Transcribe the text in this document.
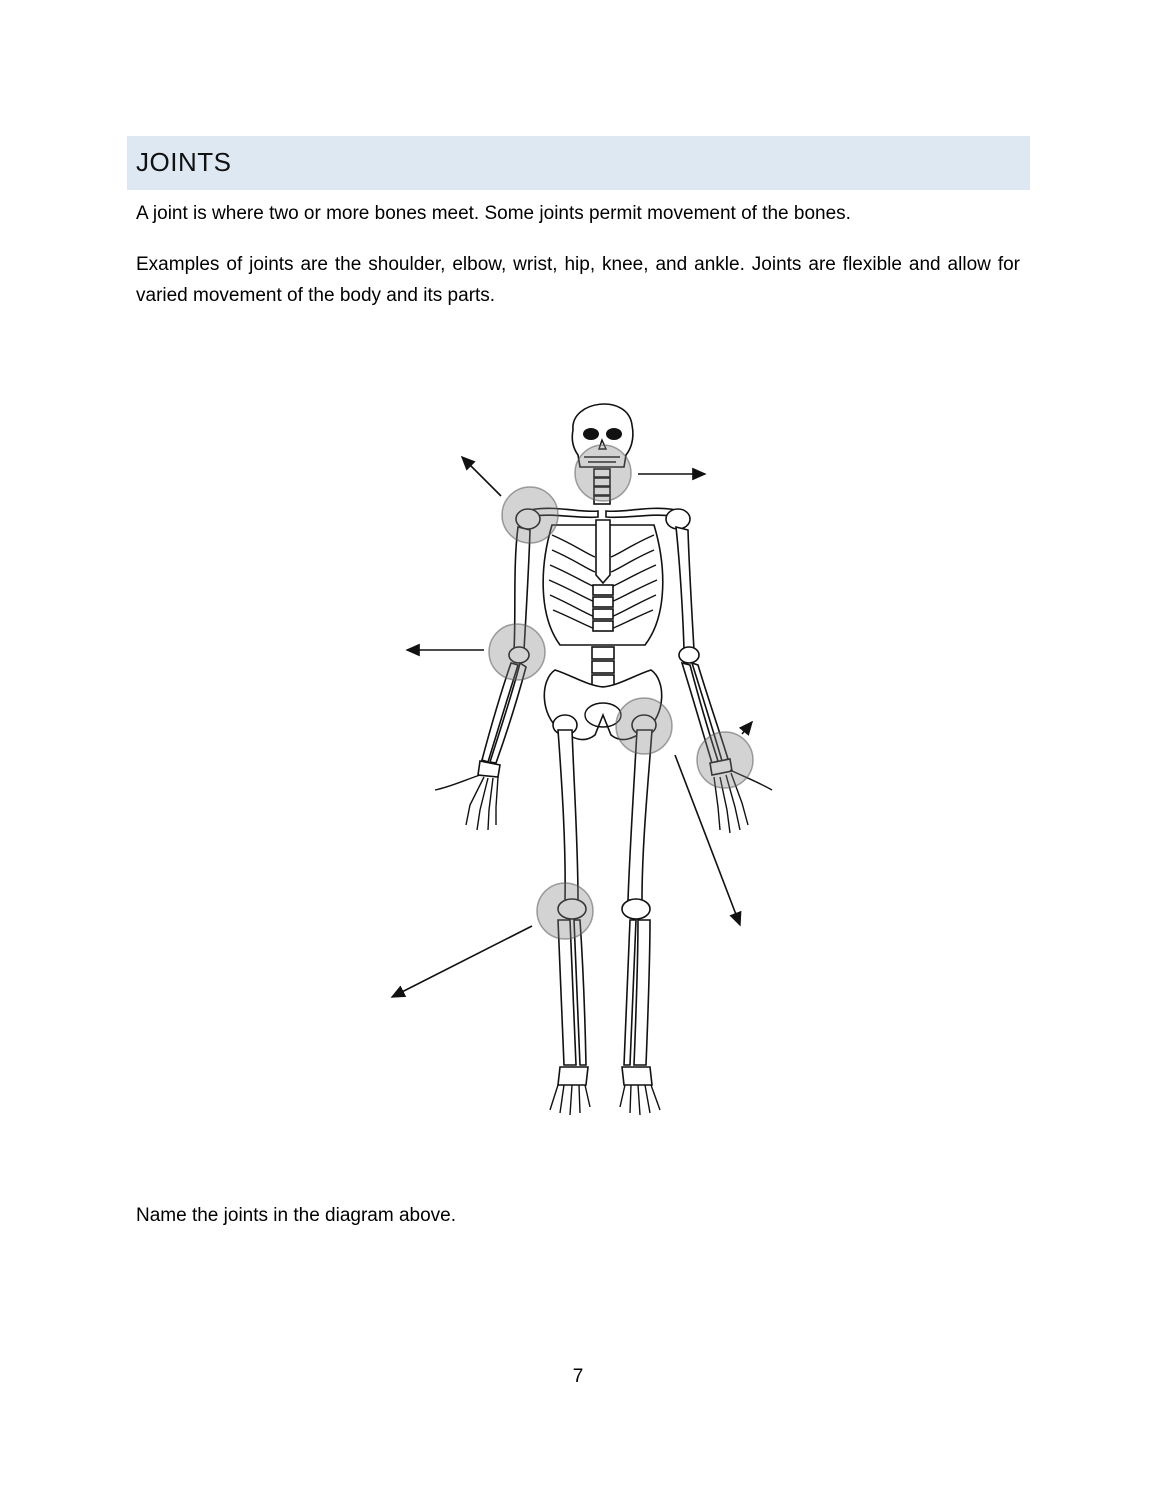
JOINTS

A joint is where two or more bones meet. Some joints permit movement of the bones.

Examples of joints are the shoulder, elbow, wrist, hip, knee, and ankle. Joints are flexible and allow for varied movement of the body and its parts.

Name the joints in the diagram above.

7
